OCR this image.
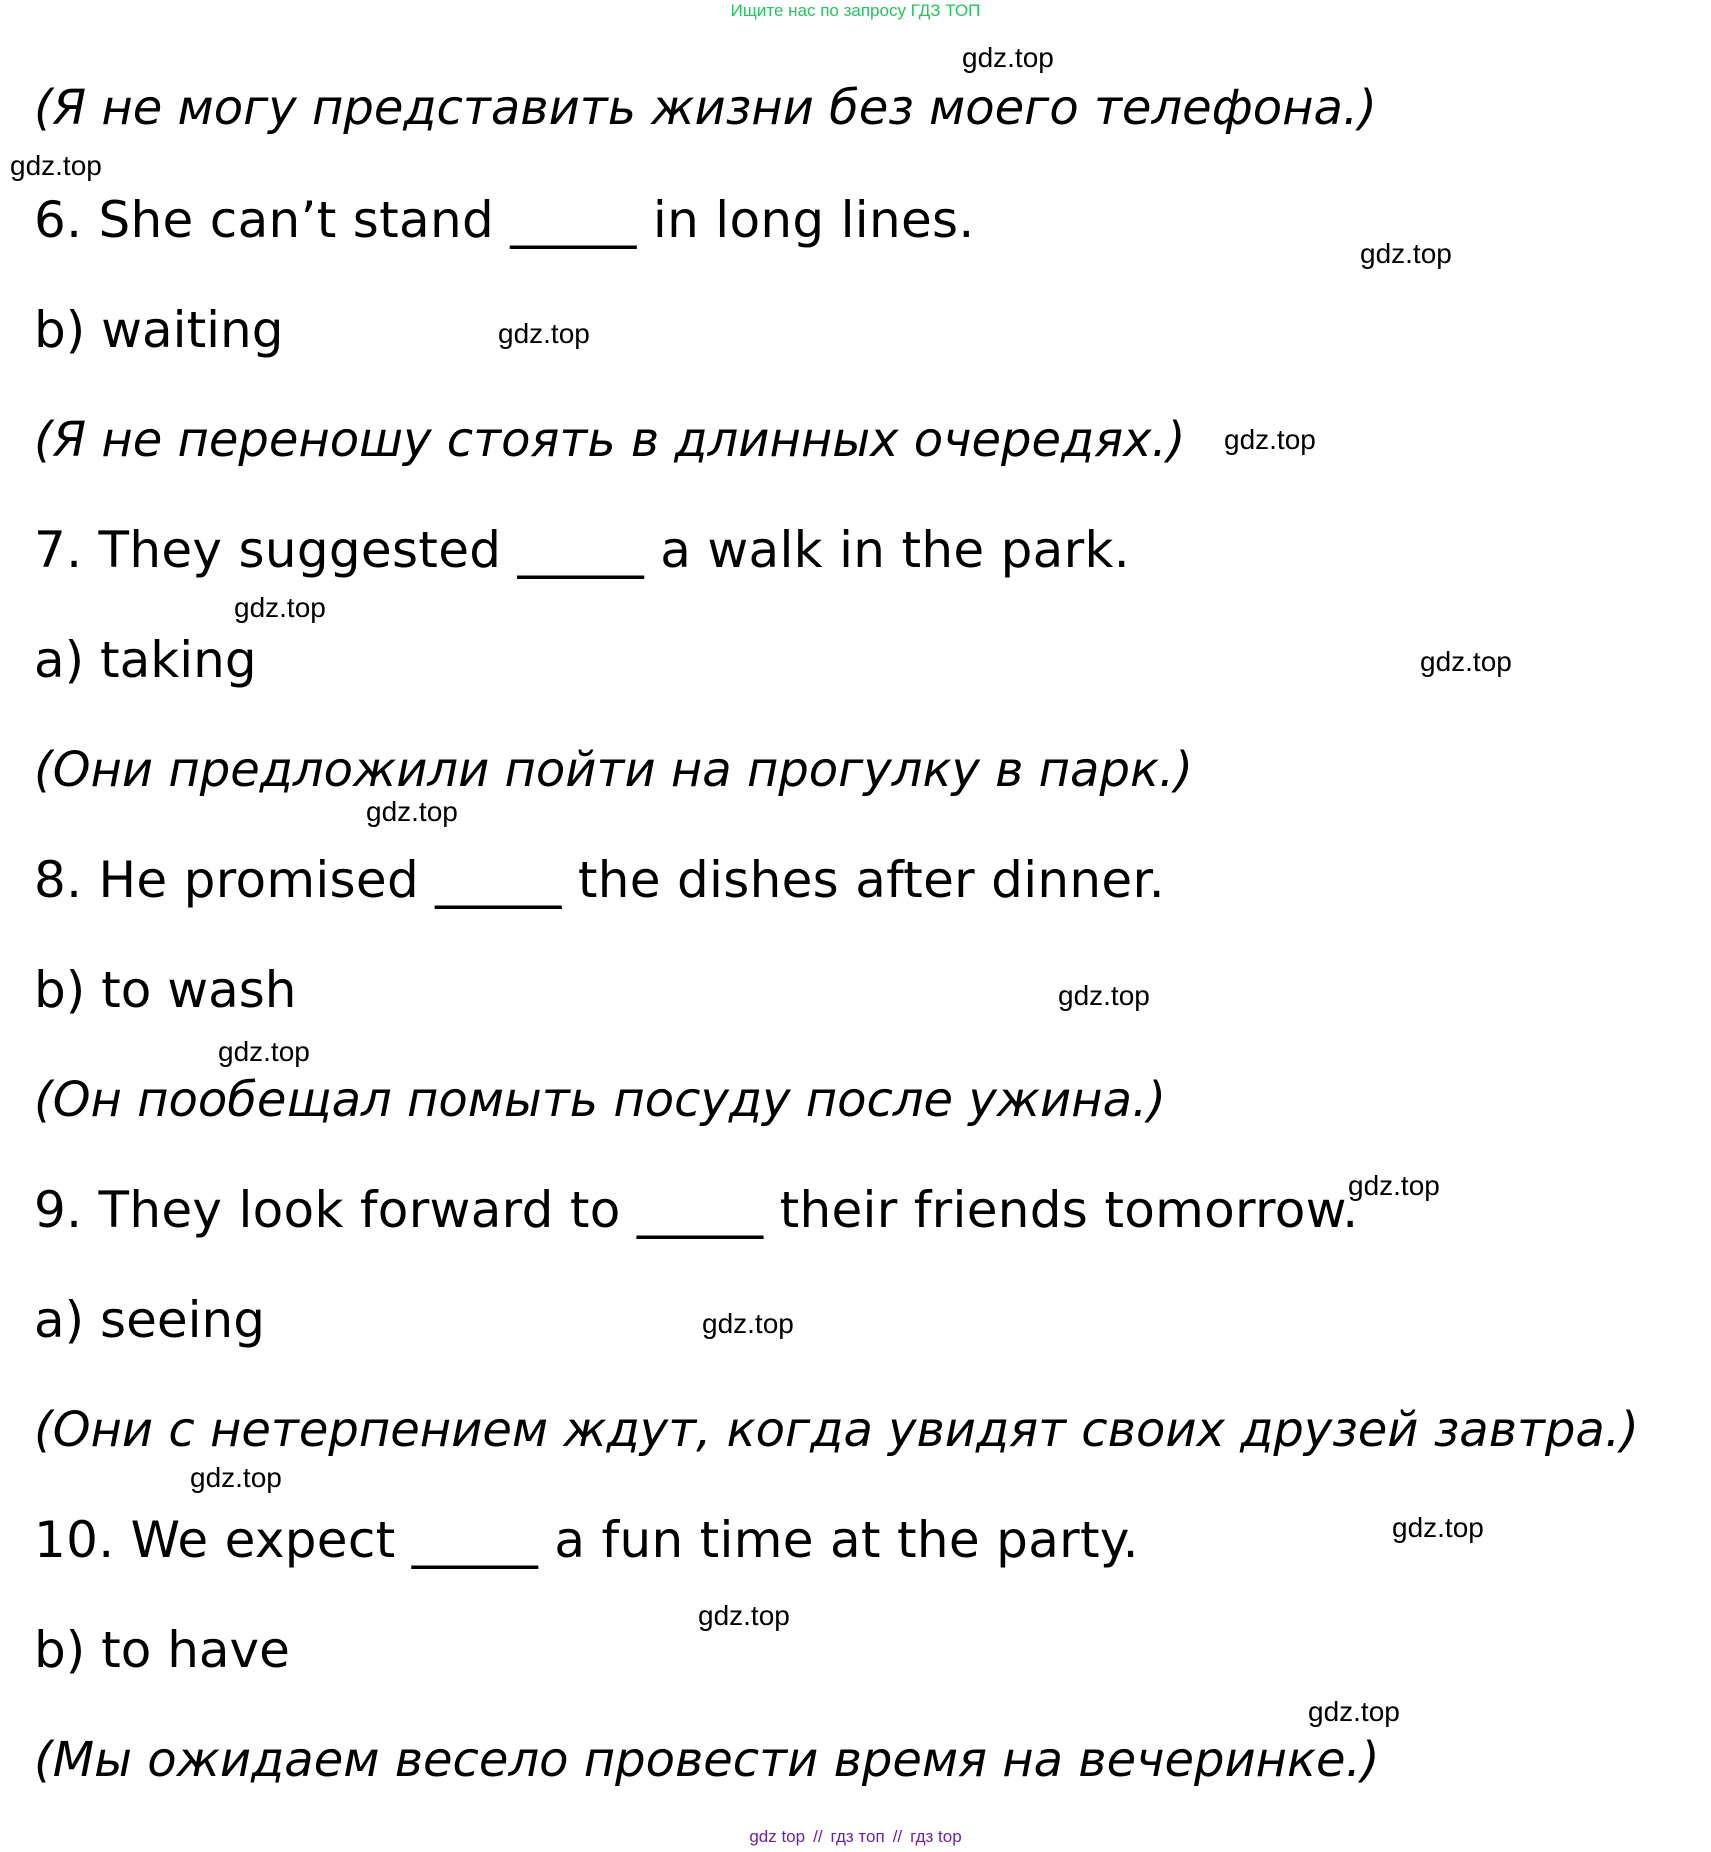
Ищите нас по запросу ГДЗ ТОП
(Я не могу представить жизни без моего телефона.)
6. She can’t stand _____ in long lines.
b) waiting
(Я не переношу стоять в длинных очередях.)
7. They suggested _____ a walk in the park.
a) taking
(Они предложили пойти на прогулку в парк.)
8. He promised _____ the dishes after dinner.
b) to wash
(Он пообещал помыть посуду после ужина.)
9. They look forward to _____ their friends tomorrow.
a) seeing
(Они с нетерпением ждут, когда увидят своих друзей завтра.)
10. We expect _____ a fun time at the party.
b) to have
(Мы ожидаем весело провести время на вечеринке.)
gdz.top
gdz.top
gdz.top
gdz.top
gdz.top
gdz.top
gdz.top
gdz.top
gdz.top
gdz.top
gdz.top
gdz.top
gdz.top
gdz.top
gdz.top
gdz.top
gdz top // гдз топ // гдз top
